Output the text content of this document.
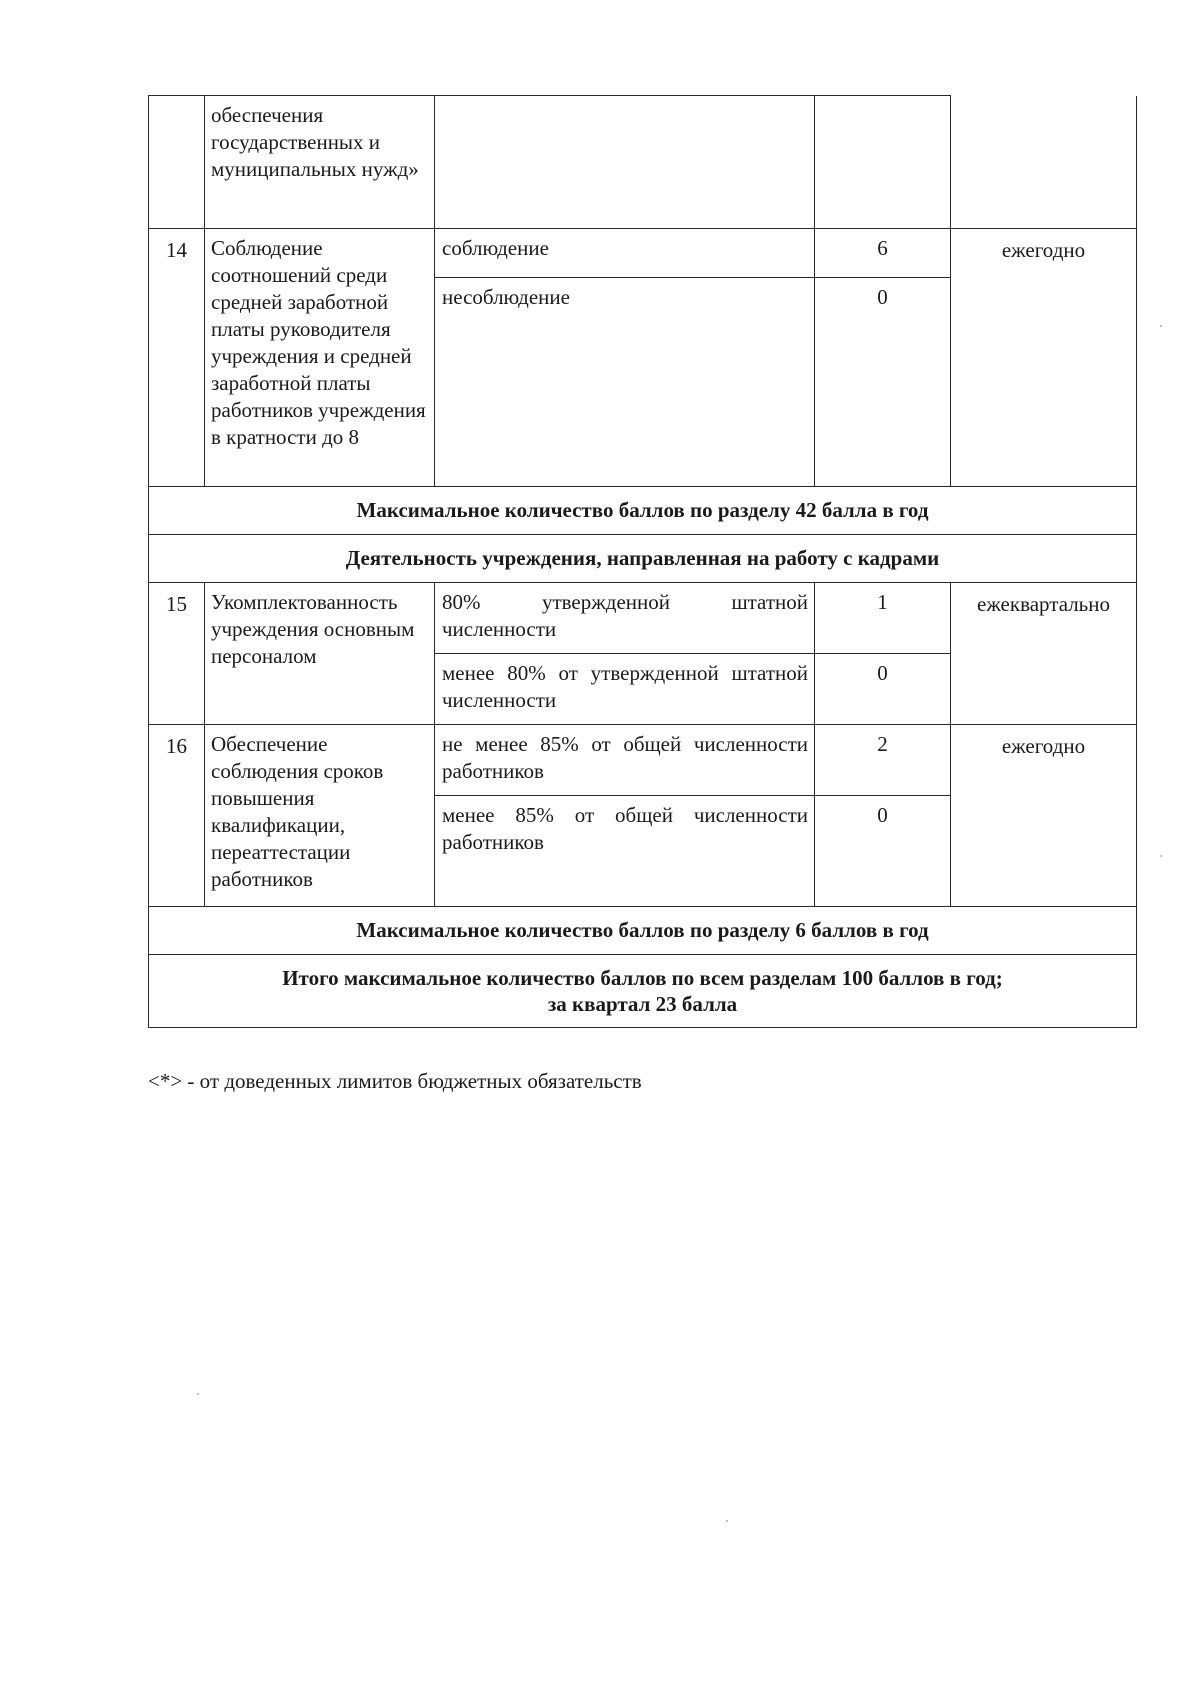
	обеспечения государственных и муниципальных нужд»			
14	Соблюдение соотношений среди средней заработной платы руководителя учреждения и средней заработной платы работников учреждения в кратности до 8	соблюдение	6	ежегодно
		несоблюдение	0	
Максимальное количество баллов по разделу 42 балла в год				
Деятельность учреждения, направленная на работу с кадрами				
15	Укомплектованность учреждения основным персоналом	80% утвержденной штатной численности	1	ежеквартально
		менее 80% от утвержденной штатной численности	0	
16	Обеспечение соблюдения сроков повышения квалификации, переаттестации работников	не менее 85% от общей численности работников	2	ежегодно
		менее 85% от общей численности работников	0	
Максимальное количество баллов по разделу 6 баллов в год				

Итого максимальное количество баллов по всем разделам 100 баллов в год;
за квартал 23 балла				
<*> - от доведенных лимитов бюджетных обязательств
